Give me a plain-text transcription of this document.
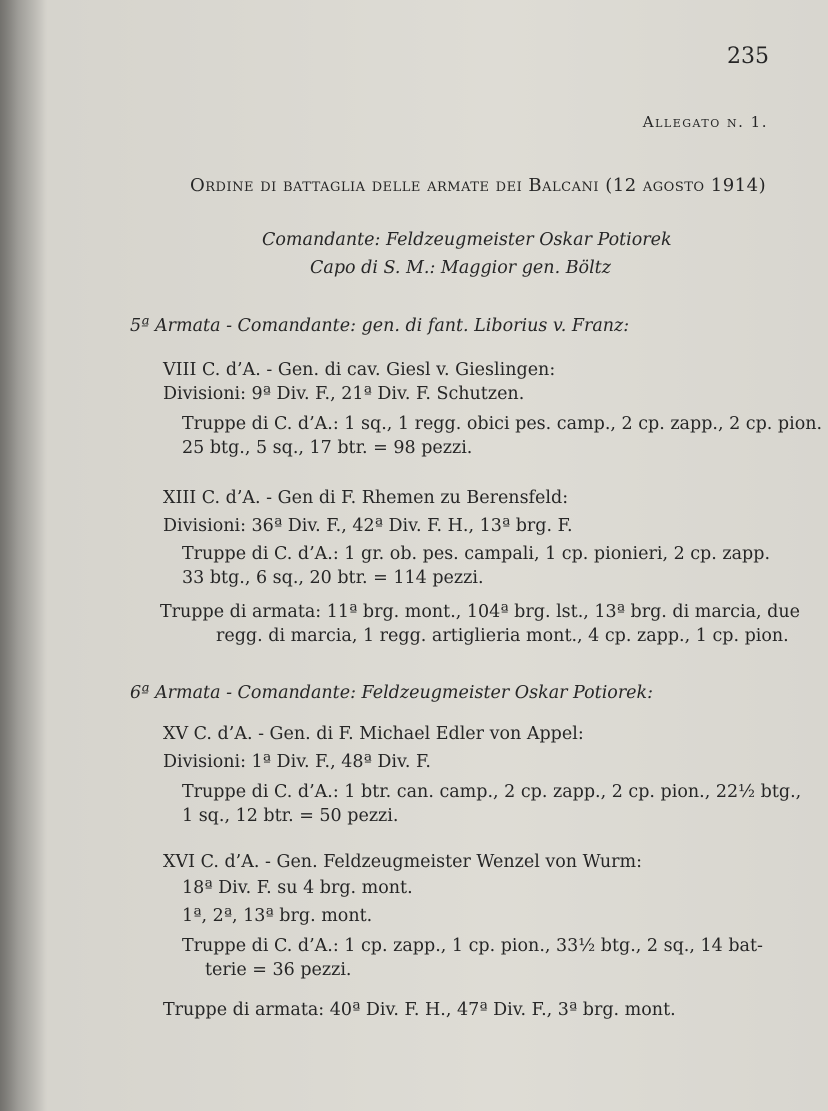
235
Allegato n. 1.
Ordine di battaglia delle armate dei Balcani (12 agosto 1914)
Comandante: Feldzeugmeister Oskar Potiorek
Capo di S. M.: Maggior gen. Böltz
5ª Armata - Comandante: gen. di fant. Liborius v. Franz:
VIII C. d’A. - Gen. di cav. Giesl v. Gieslingen:
Divisioni: 9ª Div. F., 21ª Div. F. Schutzen.
Truppe di C. d’A.: 1 sq., 1 regg. obici pes. camp., 2 cp. zapp., 2 cp. pion.
25 btg., 5 sq., 17 btr. = 98 pezzi.
XIII C. d’A. - Gen di F. Rhemen zu Berensfeld:
Divisioni: 36ª Div. F., 42ª Div. F. H., 13ª brg. F.
Truppe di C. d’A.: 1 gr. ob. pes. campali, 1 cp. pionieri, 2 cp. zapp.
33 btg., 6 sq., 20 btr. = 114 pezzi.
Truppe di armata: 11ª brg. mont., 104ª brg. lst., 13ª brg. di marcia, due
regg. di marcia, 1 regg. artiglieria mont., 4 cp. zapp., 1 cp. pion.
6ª Armata - Comandante: Feldzeugmeister Oskar Potiorek:
XV C. d’A. - Gen. di F. Michael Edler von Appel:
Divisioni: 1ª Div. F., 48ª Div. F.
Truppe di C. d’A.: 1 btr. can. camp., 2 cp. zapp., 2 cp. pion., 22½ btg.,
1 sq., 12 btr. = 50 pezzi.
XVI C. d’A. - Gen. Feldzeugmeister Wenzel von Wurm:
18ª Div. F. su 4 brg. mont.
1ª, 2ª, 13ª brg. mont.
Truppe di C. d’A.: 1 cp. zapp., 1 cp. pion., 33½ btg., 2 sq., 14 bat-
terie = 36 pezzi.
Truppe di armata: 40ª Div. F. H., 47ª Div. F., 3ª brg. mont.
